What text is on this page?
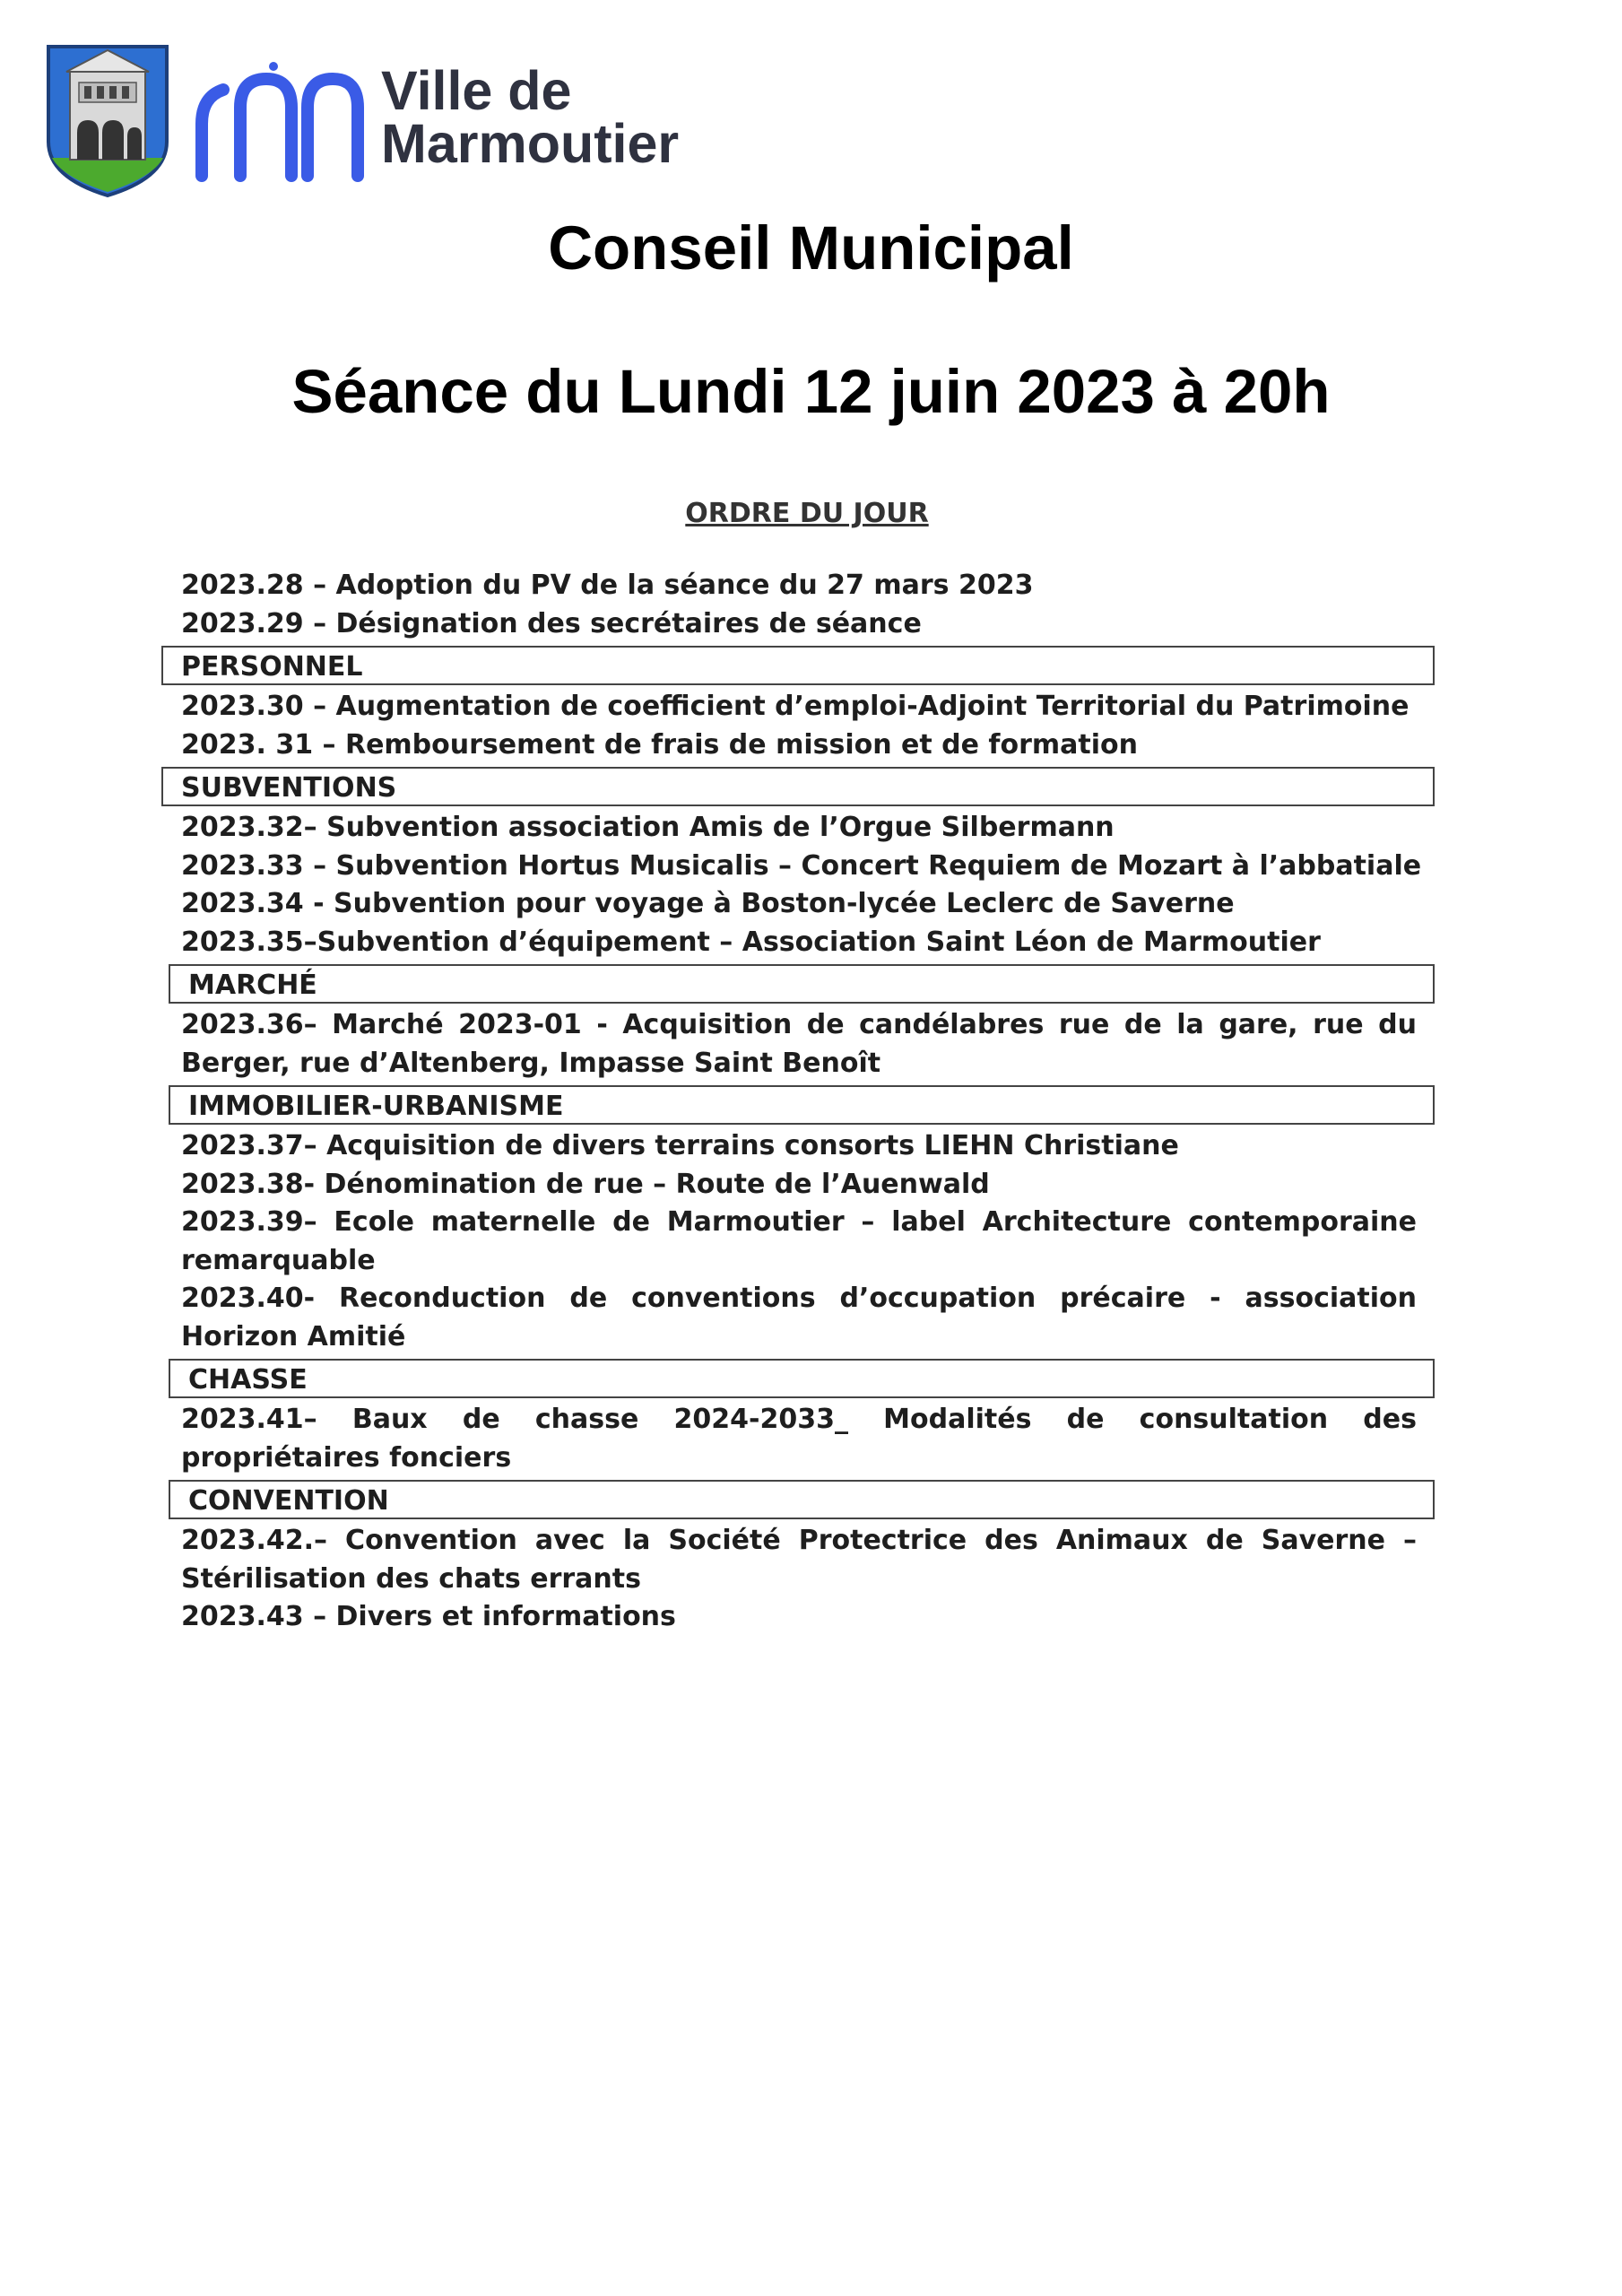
Ville de
Marmoutier
Conseil Municipal
Séance du Lundi 12 juin 2023 à 20h
ORDRE DU JOUR
2023.28 – Adoption du PV de la séance du 27 mars 2023
2023.29 – Désignation des secrétaires de séance
PERSONNEL
2023.30 – Augmentation de coefficient d’emploi-Adjoint Territorial du Patrimoine
2023. 31 – Remboursement de frais de mission et de formation
SUBVENTIONS
2023.32– Subvention association Amis de l’Orgue Silbermann
2023.33 – Subvention Hortus Musicalis – Concert Requiem de Mozart à l’abbatiale
2023.34 - Subvention pour voyage à Boston-lycée Leclerc de Saverne
2023.35–Subvention d’équipement – Association Saint Léon de Marmoutier
MARCHÉ
2023.36– Marché 2023-01 - Acquisition de candélabres rue de la gare, rue du Berger, rue d’Altenberg, Impasse Saint Benoît
IMMOBILIER-URBANISME
2023.37– Acquisition de divers terrains consorts LIEHN Christiane
2023.38- Dénomination de rue – Route de l’Auenwald
2023.39– Ecole maternelle de Marmoutier – label Architecture contemporaine remarquable
2023.40- Reconduction de conventions d’occupation précaire - association Horizon Amitié
CHASSE
2023.41– Baux de chasse 2024-2033_ Modalités de consultation des propriétaires fonciers
CONVENTION
2023.42.– Convention avec la Société Protectrice des Animaux de Saverne – Stérilisation des chats errants
2023.43 – Divers et informations
